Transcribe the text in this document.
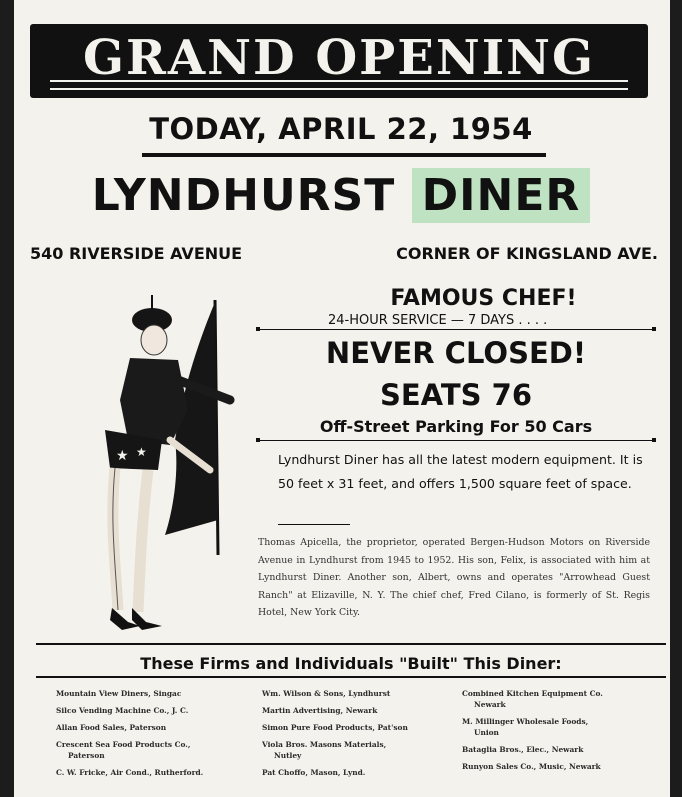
GRAND OPENING
TODAY, APRIL 22, 1954
LYNDHURST DINER
540 RIVERSIDE AVENUE	CORNER OF KINGSLAND AVE.
★ ★
FAMOUS CHEF!
24-HOUR SERVICE — 7 DAYS . . . .
NEVER CLOSED!
SEATS 76
Off-Street Parking For 50 Cars
Lyndhurst Diner has all the latest modern equipment. It is 50 feet x 31 feet, and offers 1,500 square feet of space.
Thomas Apicella, the proprietor, operated Bergen-Hudson Motors on Riverside Avenue in Lyndhurst from 1945 to 1952. His son, Felix, is associated with him at Lyndhurst Diner. Another son, Albert, owns and operates "Arrowhead Guest Ranch" at Elizaville, N. Y. The chief chef, Fred Cilano, is formerly of St. Regis Hotel, New York City.
These Firms and Individuals "Built" This Diner:
Mountain View Diners, Singac
Silco Vending Machine Co., J. C.
Allan Food Sales, Paterson
Crescent Sea Food Products Co.,
Paterson
C. W. Fricke, Air Cond., Rutherford.
Wm. Wilson & Sons, Lyndhurst
Martin Advertising, Newark
Simon Pure Food Products, Pat'son
Viola Bros. Masons Materials,
Nutley
Pat Choffo, Mason, Lynd.
Combined Kitchen Equipment Co.
Newark
M. Millinger Wholesale Foods,
Union
Bataglia Bros., Elec., Newark
Runyon Sales Co., Music, Newark
